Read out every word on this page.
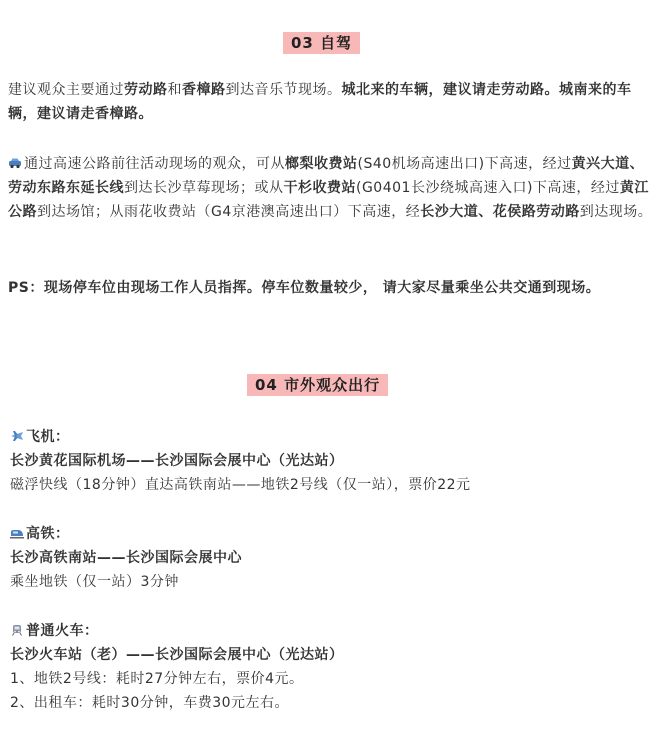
03 自驾

建议观众主要通过劳动路和香樟路到达音乐节现场。城北来的车辆，建议请走劳动路。城南来的车辆，建议请走香樟路。

通过高速公路前往活动现场的观众，可从榔梨收费站(S40机场高速出口)下高速，经过黄兴大道、劳动东路东延长线到达长沙草莓现场；或从干杉收费站(G0401长沙绕城高速入口)下高速，经过黄江公路到达场馆；从雨花收费站（G4京港澳高速出口）下高速，经长沙大道、花侯路劳动路到达现场。

PS：现场停车位由现场工作人员指挥。停车位数量较少， 请大家尽量乘坐公共交通到现场。

04 市外观众出行
飞机：
长沙黄花国际机场——长沙国际会展中心（光达站）
磁浮快线（18分钟）直达高铁南站——地铁2号线（仅一站），票价22元
高铁：
长沙高铁南站——长沙国际会展中心
乘坐地铁（仅一站）3分钟
普通火车：
长沙火车站（老）——长沙国际会展中心（光达站）
1、地铁2号线：耗时27分钟左右，票价4元。
2、出租车：耗时30分钟，车费30元左右。
